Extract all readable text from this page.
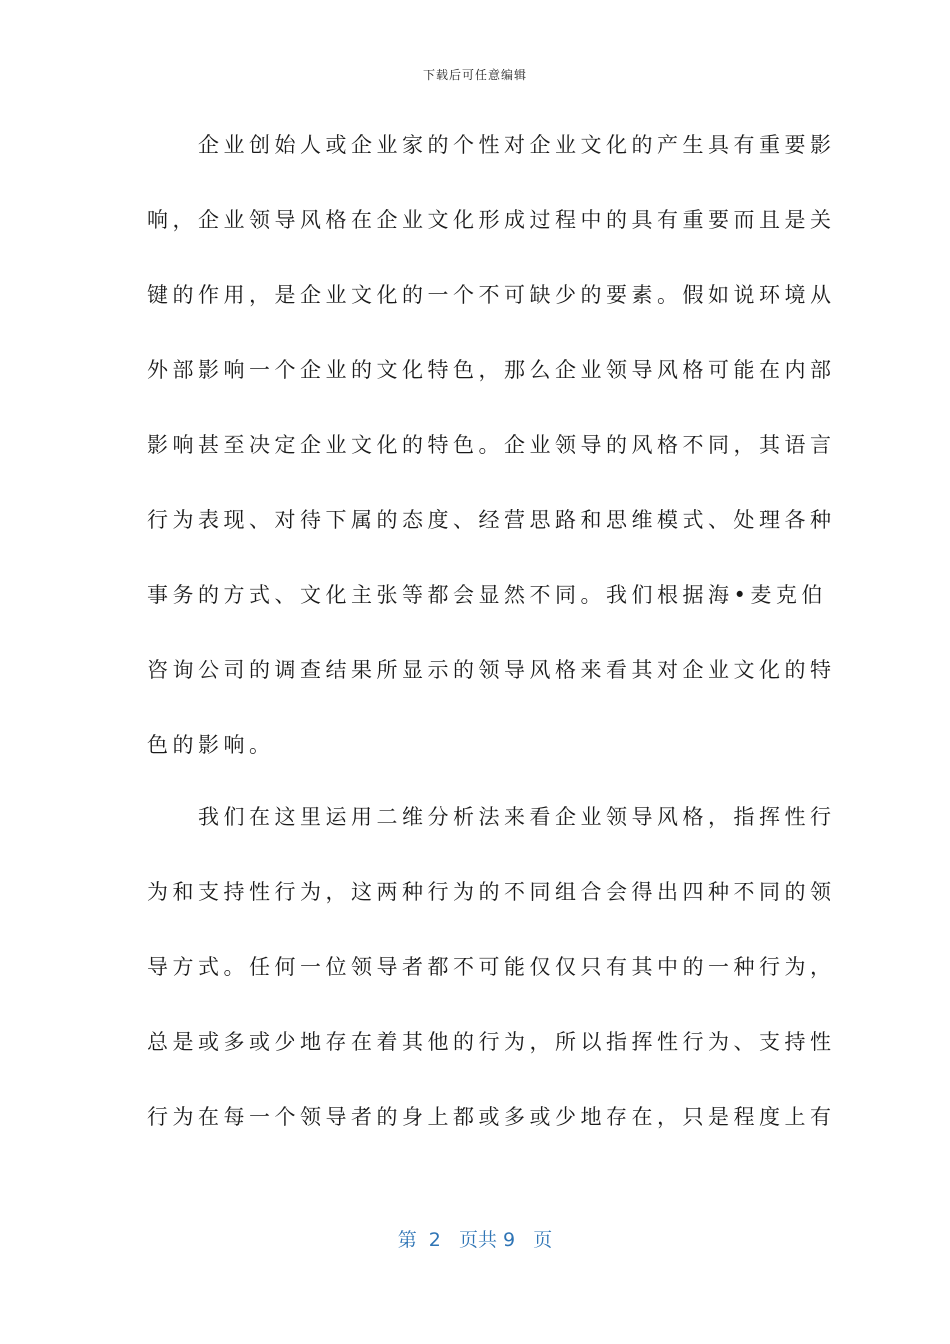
下载后可任意编辑
　　企业创始人或企业家的个性对企业文化的产生具有重要影
响，企业领导风格在企业文化形成过程中的具有重要而且是关
键的作用，是企业文化的一个不可缺少的要素。假如说环境从
外部影响一个企业的文化特色，那么企业领导风格可能在内部
影响甚至决定企业文化的特色。企业领导的风格不同，其语言
行为表现、对待下属的态度、经营思路和思维模式、处理各种
事务的方式、文化主张等都会显然不同。我们根据海•麦克伯
咨询公司的调查结果所显示的领导风格来看其对企业文化的特
色的影响。
　　我们在这里运用二维分析法来看企业领导风格，指挥性行
为和支持性行为，这两种行为的不同组合会得出四种不同的领
导方式。任何一位领导者都不可能仅仅只有其中的一种行为，
总是或多或少地存在着其他的行为，所以指挥性行为、支持性
行为在每一个领导者的身上都或多或少地存在，只是程度上有
第  2   页共 9   页
